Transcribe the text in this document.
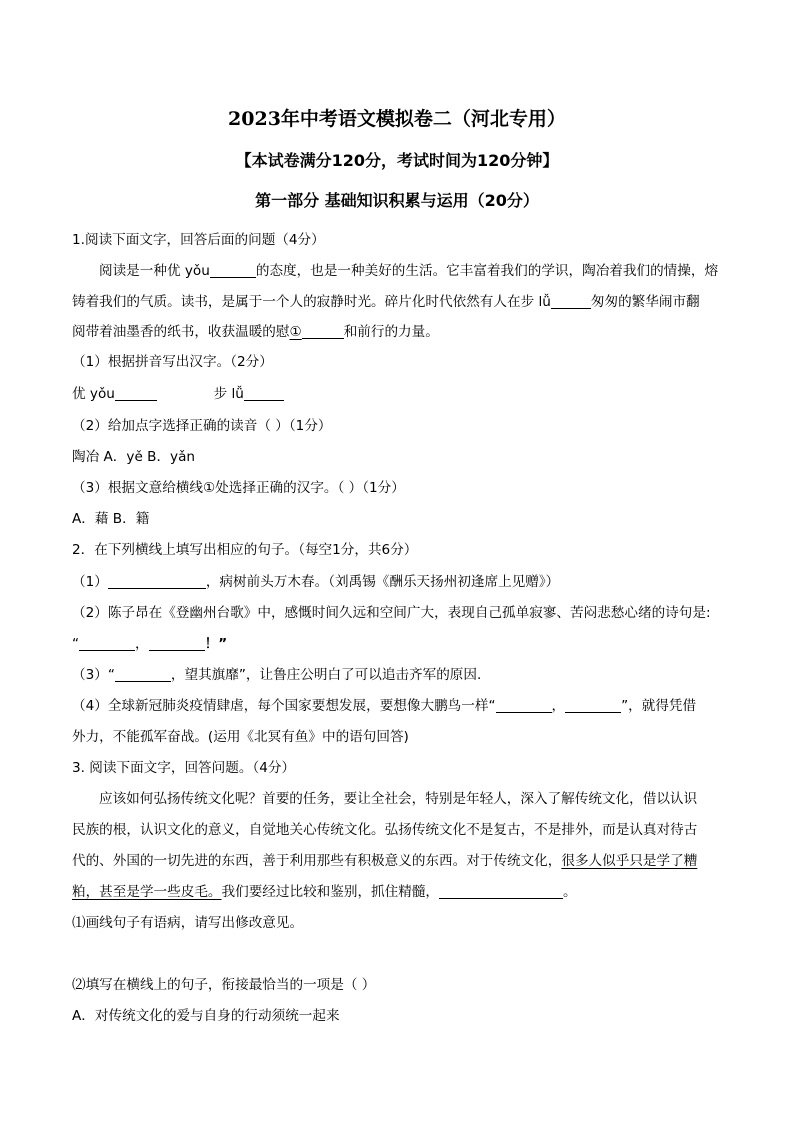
2023年中考语文模拟卷二（河北专用）
【本试卷满分120分，考试时间为120分钟】
第一部分 基础知识积累与运用（20分）
1.阅读下面文字，回答后面的问题（4分）
阅读是一种优 yǒu	的态度，也是一种美好的生活。它丰富着我们的学识，陶冶着我们的情操，熔
铸着我们的气质。读书，是属于一个人的寂静时光。碎片化时代依然有人在步 lǚ	匆匆的繁华闹市翻
阅带着油墨香的纸书，收获温暖的慰①	和前行的力量。
（1）根据拼音写出汉字。（2分）
优 yǒu	步 lǚ
（2）给加点字选择正确的读音（ ）（1分）
陶冶 A．yě B．yǎn
（3）根据文意给横线①处选择正确的汉字。（ ）（1分）
A．藉 B．籍
2．在下列横线上填写出相应的句子。（每空1分，共6分）
（1）	，病树前头万木春。（刘禹锡《酬乐天扬州初逢席上见赠》）
（2）陈子昂在《登幽州台歌》中，感慨时间久远和空间广大，表现自己孤单寂寥、苦闷悲愁心绪的诗句是:
“	，	！”
（3）“	，望其旗靡”，让鲁庄公明白了可以追击齐军的原因.
（4）全球新冠肺炎疫情肆虐，每个国家要想发展，要想像大鹏鸟一样“	，	”，就得凭借
外力，不能孤军奋战。(运用《北冥有鱼》中的语句回答)
3. 阅读下面文字，回答问题。（4分）
应该如何弘扬传统文化呢？首要的任务，要让全社会，特别是年轻人，深入了解传统文化，借以认识
民族的根，认识文化的意义，自觉地关心传统文化。弘扬传统文化不是复古，不是排外，而是认真对待古
代的、外国的一切先进的东西，善于利用那些有积极意义的东西。对于传统文化，很多人似乎只是学了糟
粕，甚至是学一些皮毛。我们要经过比较和鉴别，抓住精髓，	。
⑴画线句子有语病，请写出修改意见。
⑵填写在横线上的句子，衔接最恰当的一项是（ ）
A．对传统文化的爱与自身的行动须统一起来
